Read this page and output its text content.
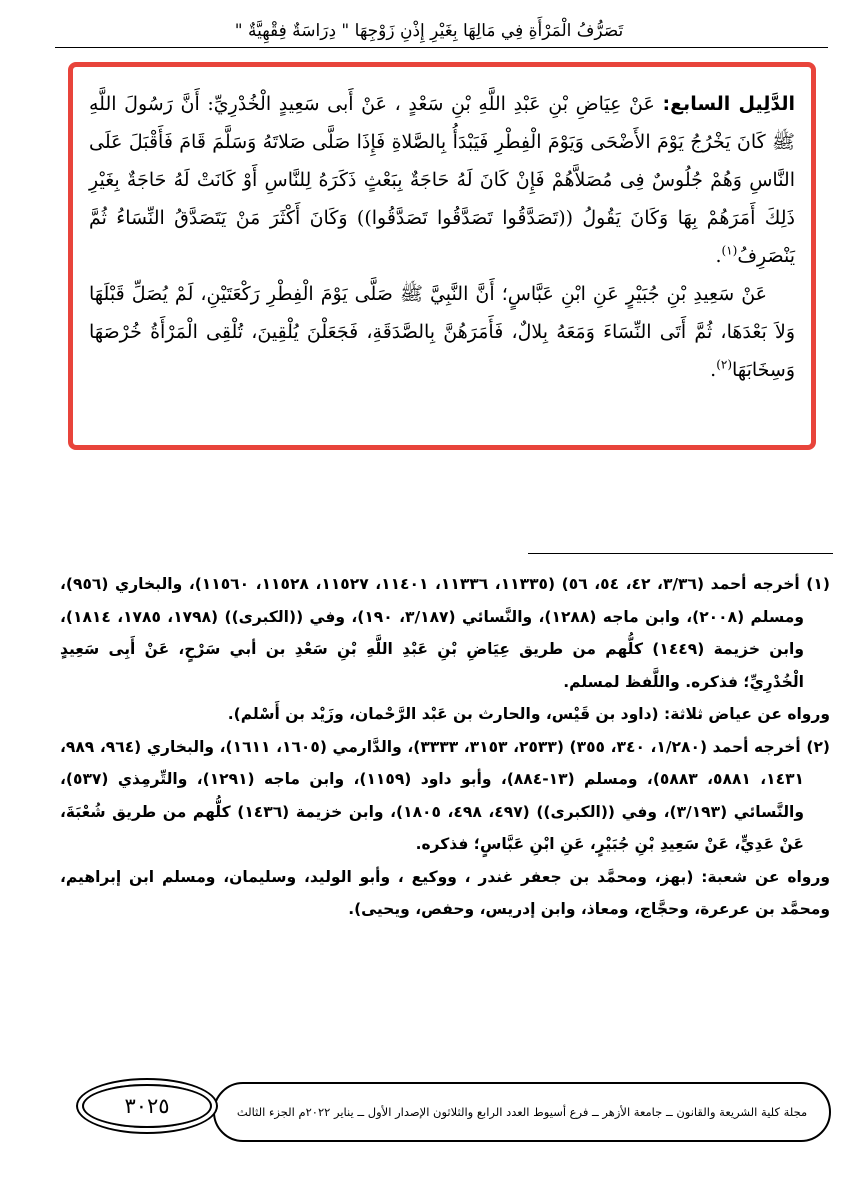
تَصَرُّفُ الْمَرْأَةِ فِي مَالِهَا بِغَيْرِ إِذْنِ زَوْجِهَا " دِرَاسَةٌ فِقْهِيَّةٌ "

الدَّلِيل السابع: عَنْ عِيَاضِ بْنِ عَبْدِ اللَّهِ بْنِ سَعْدٍ ، عَنْ أَبى سَعِيدٍ الْخُدْرِيِّ: أَنَّ رَسُولَ اللَّهِ ﷺ كَانَ يَخْرُجُ يَوْمَ الأَضْحَى وَيَوْمَ الْفِطْرِ فَيَبْدَأُ بِالصَّلاةِ فَإِذَا صَلَّى صَلاتَهُ وَسَلَّمَ قَامَ فَأَقْبَلَ عَلَى النَّاسِ وَهُمْ جُلُوسٌ فِى مُصَلاَّهُمْ فَإِنْ كَانَ لَهُ حَاجَةٌ بِبَعْثٍ ذَكَرَهُ لِلنَّاسِ أَوْ كَانَتْ لَهُ حَاجَةٌ بِغَيْرِ ذَلِكَ أَمَرَهُمْ بِهَا وَكَانَ يَقُولُ ((تَصَدَّقُوا تَصَدَّقُوا تَصَدَّقُوا)) وَكَانَ أَكْثَرَ مَنْ يَتَصَدَّقُ النِّسَاءُ ثُمَّ يَنْصَرِفُ$^{(١)}$.

عَنْ سَعِيدِ بْنِ جُبَيْرٍ عَنِ ابْنِ عَبَّاسٍ؛ أَنَّ النَّبِيَّ ﷺ صَلَّى يَوْمَ الْفِطْرِ رَكْعَتَيْنِ، لَمْ يُصَلِّ قَبْلَهَا وَلاَ بَعْدَهَا، ثُمَّ أَتَى النِّسَاءَ وَمَعَهُ بِلالٌ، فَأَمَرَهُنَّ بِالصَّدَقَةِ، فَجَعَلْنَ يُلْقِينَ، تُلْقِى الْمَرْأَةُ خُرْصَهَا وَسِخَابَهَا$^{(٢)}$.

(١) أخرجه أحمد (٣/٣٦، ٤٢، ٥٤، ٥٦) (١١٣٣٥، ١١٣٣٦، ١١٤٠١، ١١٥٢٧، ١١٥٢٨، ١١٥٦٠)، والبخاري (٩٥٦)، ومسلم (٢٠٠٨)، وابن ماجه (١٢٨٨)، والنَّسائي (٣/١٨٧، ١٩٠)، وفي ((الكبرى)) (١٧٩٨، ١٧٨٥، ١٨١٤)، وابن خزيمة (١٤٤٩) كلُّهم من طريق عِيَاضِ بْنِ عَبْدِ اللَّهِ بْنِ سَعْدِ بن أبي سَرْحٍ، عَنْ أَبِى سَعِيدٍ الْخُدْرِيِّ؛ فذكره. واللَّفظ لمسلم.

ورواه عن عياض ثلاثة: (داود بن قَيْس، والحارث بن عَبْد الرَّحْمان، وزَيْد بن أَسْلم).

(٢) أخرجه أحمد (١/٢٨٠، ٣٤٠، ٣٥٥) (٢٥٣٣، ٣١٥٣، ٣٣٣٣)، والدَّارمي (١٦٠٥، ١٦١١)، والبخاري (٩٦٤، ٩٨٩، ١٤٣١، ٥٨٨١، ٥٨٨٣)، ومسلم (١٣-٨٨٤)، وأبو داود (١١٥٩)، وابن ماجه (١٢٩١)، والتِّرمِذي (٥٣٧)، والنَّسائي (٣/١٩٣)، وفي ((الكبرى)) (٤٩٧، ٤٩٨، ١٨٠٥)، وابن خزيمة (١٤٣٦) كلُّهم من طريق شُعْبَةَ، عَنْ عَدِيٍّ، عَنْ سَعِيدِ بْنِ جُبَيْرٍ، عَنِ ابْنِ عَبَّاسٍ؛ فذكره.

ورواه عن شعبة: (بهز، ومحمَّد بن جعفر غندر ، ووكيع ، وأبو الوليد، وسليمان، ومسلم ابن إبراهيم، ومحمَّد بن عرعرة، وحجَّاج، ومعاذ، وابن إدريس، وحفص، ويحيى).

مجلة كلية الشريعة والقانون ــ جامعة الأزهر ــ فرع أسيوط العدد الرابع والثلاثون الإصدار الأول ــ يناير ٢٠٢٢م الجزء الثالث
٣٠٢٥
